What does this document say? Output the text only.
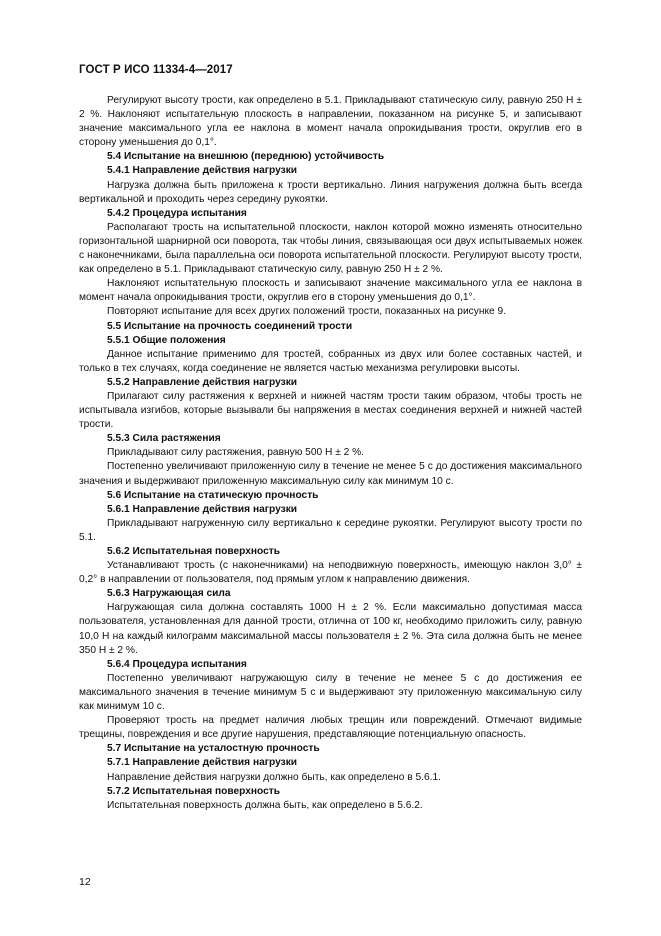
ГОСТ Р ИСО 11334-4—2017

Регулируют высоту трости, как определено в 5.1. Прикладывают статическую силу, равную 250 Н ± 2 %. Наклоняют испытательную плоскость в направлении, показанном на рисунке 5, и записывают значение максимального угла ее наклона в момент начала опрокидывания трости, округлив его в сторону уменьшения до 0,1°.

5.4 Испытание на внешнюю (переднюю) устойчивость

5.4.1 Направление действия нагрузки

Нагрузка должна быть приложена к трости вертикально. Линия нагружения должна быть всегда вертикальной и проходить через середину рукоятки.

5.4.2 Процедура испытания

Располагают трость на испытательной плоскости, наклон которой можно изменять относительно горизонтальной шарнирной оси поворота, так чтобы линия, связывающая оси двух испытываемых ножек с наконечниками, была параллельна оси поворота испытательной плоскости. Регулируют высоту трости, как определено в 5.1. Прикладывают статическую силу, равную 250 Н ± 2 %.

Наклоняют испытательную плоскость и записывают значение максимального угла ее наклона в момент начала опрокидывания трости, округлив его в сторону уменьшения до 0,1°.

Повторяют испытание для всех других положений трости, показанных на рисунке 9.

5.5 Испытание на прочность соединений трости

5.5.1 Общие положения

Данное испытание применимо для тростей, собранных из двух или более составных частей, и только в тех случаях, когда соединение не является частью механизма регулировки высоты.

5.5.2 Направление действия нагрузки

Прилагают силу растяжения к верхней и нижней частям трости таким образом, чтобы трость не испытывала изгибов, которые вызывали бы напряжения в местах соединения верхней и нижней частей трости.

5.5.3 Сила растяжения

Прикладывают силу растяжения, равную 500 Н ± 2 %.

Постепенно увеличивают приложенную силу в течение не менее 5 с до достижения максимального значения и выдерживают приложенную максимальную силу как минимум 10 с.

5.6 Испытание на статическую прочность

5.6.1 Направление действия нагрузки

Прикладывают нагруженную силу вертикально к середине рукоятки. Регулируют высоту трости по 5.1.

5.6.2 Испытательная поверхность

Устанавливают трость (с наконечниками) на неподвижную поверхность, имеющую наклон 3,0° ± 0,2° в направлении от пользователя, под прямым углом к направлению движения.

5.6.3 Нагружающая сила

Нагружающая сила должна составлять 1000 Н ± 2 %. Если максимально допустимая масса пользователя, установленная для данной трости, отлична от 100 кг, необходимо приложить силу, равную 10,0 Н на каждый килограмм максимальной массы пользователя ± 2 %. Эта сила должна быть не менее 350 Н ± 2 %.

5.6.4 Процедура испытания

Постепенно увеличивают нагружающую силу в течение не менее 5 с до достижения ее максимального значения в течение минимум 5 с и выдерживают эту приложенную максимальную силу как минимум 10 с.

Проверяют трость на предмет наличия любых трещин или повреждений. Отмечают видимые трещины, повреждения и все другие нарушения, представляющие потенциальную опасность.

5.7 Испытание на усталостную прочность

5.7.1 Направление действия нагрузки

Направление действия нагрузки должно быть, как определено в 5.6.1.

5.7.2 Испытательная поверхность

Испытательная поверхность должна быть, как определено в 5.6.2.

12
